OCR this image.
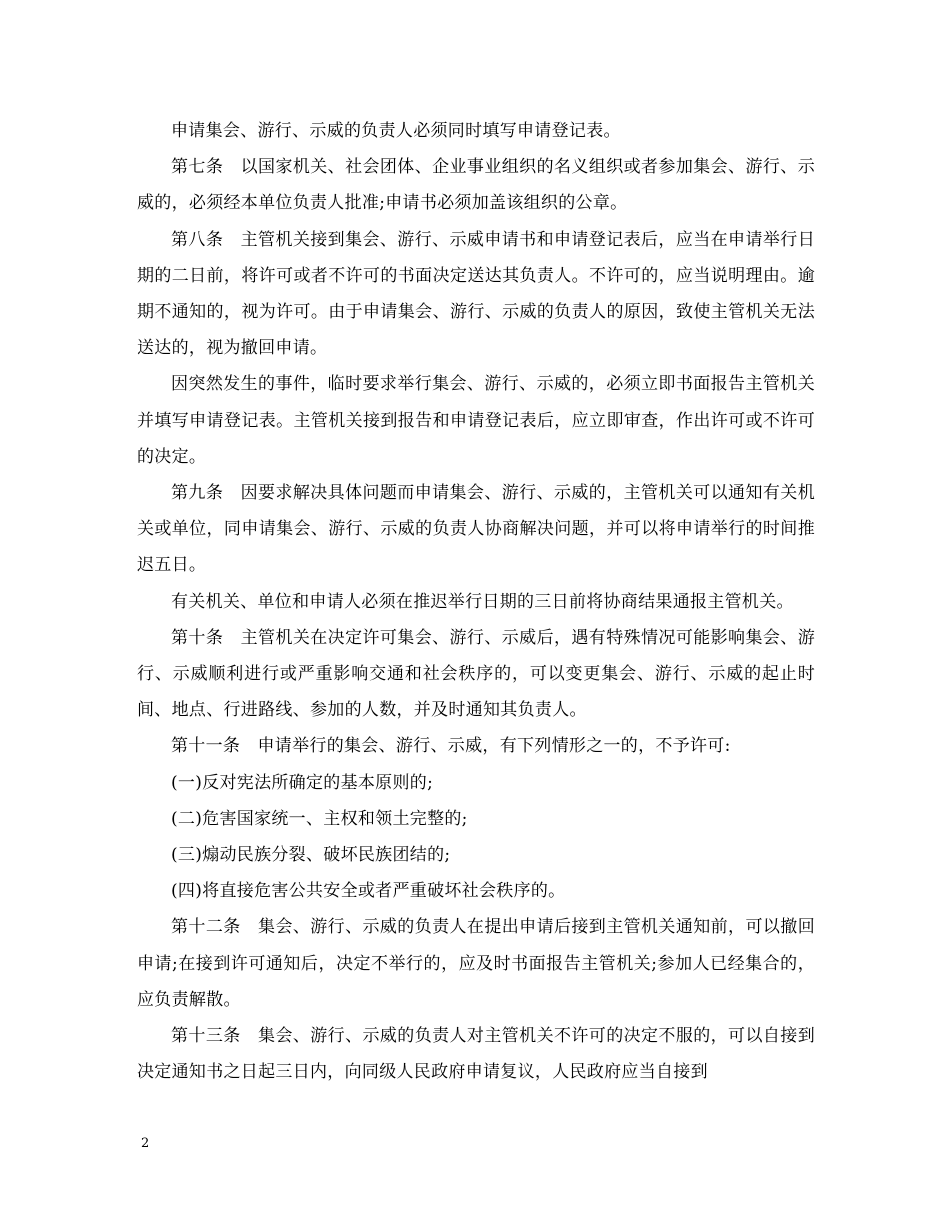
申请集会、游行、示威的负责人必须同时填写申请登记表。

第七条　以国家机关、社会团体、企业事业组织的名义组织或者参加集会、游行、示威的，必须经本单位负责人批准;申请书必须加盖该组织的公章。

第八条　主管机关接到集会、游行、示威申请书和申请登记表后，应当在申请举行日期的二日前，将许可或者不许可的书面决定送达其负责人。不许可的，应当说明理由。逾期不通知的，视为许可。由于申请集会、游行、示威的负责人的原因，致使主管机关无法送达的，视为撤回申请。

因突然发生的事件，临时要求举行集会、游行、示威的，必须立即书面报告主管机关并填写申请登记表。主管机关接到报告和申请登记表后，应立即审查，作出许可或不许可的决定。

第九条　因要求解决具体问题而申请集会、游行、示威的，主管机关可以通知有关机关或单位，同申请集会、游行、示威的负责人协商解决问题，并可以将申请举行的时间推迟五日。

有关机关、单位和申请人必须在推迟举行日期的三日前将协商结果通报主管机关。

第十条　主管机关在决定许可集会、游行、示威后，遇有特殊情况可能影响集会、游行、示威顺利进行或严重影响交通和社会秩序的，可以变更集会、游行、示威的起止时间、地点、行进路线、参加的人数，并及时通知其负责人。

第十一条　申请举行的集会、游行、示威，有下列情形之一的，不予许可:

(一)反对宪法所确定的基本原则的;

(二)危害国家统一、主权和领土完整的;

(三)煽动民族分裂、破坏民族团结的;

(四)将直接危害公共安全或者严重破坏社会秩序的。

第十二条　集会、游行、示威的负责人在提出申请后接到主管机关通知前，可以撤回申请;在接到许可通知后，决定不举行的，应及时书面报告主管机关;参加人已经集合的，应负责解散。

第十三条　集会、游行、示威的负责人对主管机关不许可的决定不服的，可以自接到决定通知书之日起三日内，向同级人民政府申请复议，人民政府应当自接到

2
